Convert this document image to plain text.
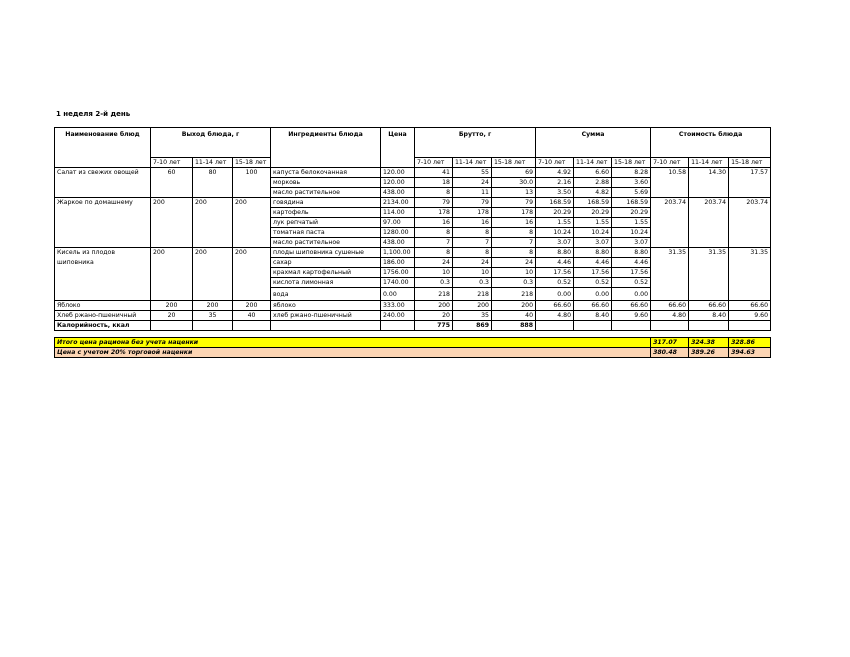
1 неделя 2-й день
Наименование блюд	Выход блюда, г			Ингредиенты блюда	Цена	Брутто, г			Сумма			Стоимость блюда		
	7-10 лет	11-14 лет	15-18 лет			7-10 лет	11-14 лет	15-18 лет	7-10 лет	11-14 лет	15-18 лет	7-10 лет	11-14 лет	15-18 лет
Салат из свежих овощей	60	80	100	капуста белокочанная	120.00	41	55	69	4.92	6.60	8.28	10.58	14.30	17.57
				морковь	120.00	18	24	30.0	2.16	2.88	3.60			
				масло растительное	438.00	8	11	13	3.50	4.82	5.69			
Жаркое по домашнему	200	200	200	говядина	2134.00	79	79	79	168.59	168.59	168.59	203.74	203.74	203.74
				картофель	114.00	178	178	178	20.29	20.29	20.29			
				лук репчатый	97.00	16	16	16	1.55	1.55	1.55			
				томатная паста	1280.00	8	8	8	10.24	10.24	10.24			
				масло растительное	438.00	7	7	7	3.07	3.07	3.07			
Кисель из плодов шиповника	200	200	200	плоды шиповника сушеные	1,100.00	8	8	8	8.80	8.80	8.80	31.35	31.35	31.35
				сахар	186.00	24	24	24	4.46	4.46	4.46			
				крахмал картофельный	1756.00	10	10	10	17.56	17.56	17.56			
				кислота лимонная	1740.00	0.3	0.3	0.3	0.52	0.52	0.52			
				вода	0.00	218	218	218	0.00	0.00	0.00			
Яблоко	200	200	200	яблоко	333.00	200	200	200	66.60	66.60	66.60	66.60	66.60	66.60
Хлеб ржано-пшеничный	20	35	40	хлеб ржано-пшеничный	240.00	20	35	40	4.80	8.40	9.60	4.80	8.40	9.60
Калорийность, ккал						775	869	888						

Итого цена рациона без учета наценки												317.07	324.38	328.86
Цена с учетом 20% торговой наценки												380.48	389.26	394.63
